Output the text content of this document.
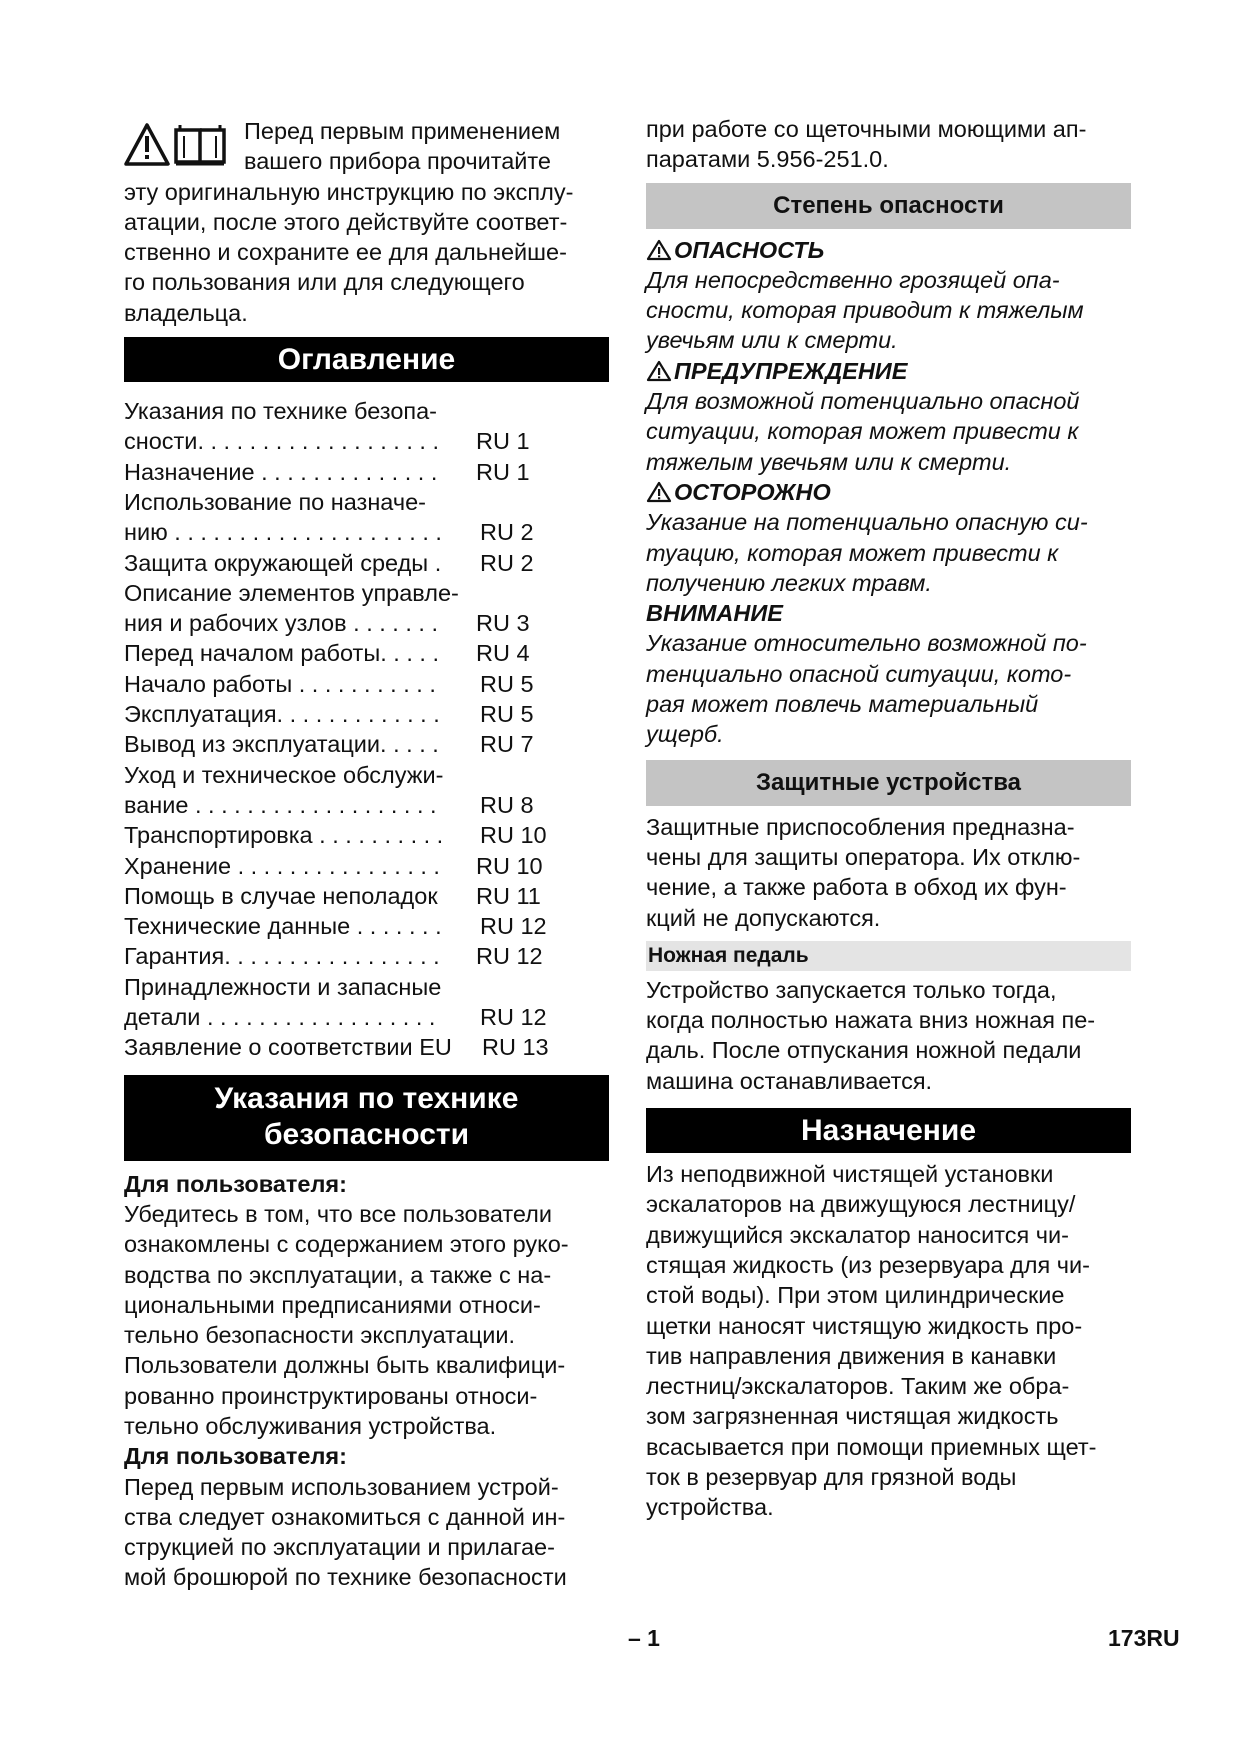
Перед первым применением
вашего прибора прочитайте
эту оригинальную инструкцию по эксплу-
атации, после этого действуйте соответ-
ственно и сохраните ее для дальнейше-
го пользования или для следующего
владельца.
Оглавление
Указания по технике безопа-
сности. . . . . . . . . . . . . . . . . . . RU 1
Назначение . . . . . . . . . . . . . . RU 1
Использование по назначе-
нию . . . . . . . . . . . . . . . . . . . . . RU 2
Защита окружающей среды . RU 2
Описание элементов управле-
ния и рабочих узлов . . . . . . . RU 3
Перед началом работы. . . . . RU 4
Начало работы . . . . . . . . . . . RU 5
Эксплуатация. . . . . . . . . . . . . RU 5
Вывод из эксплуатации. . . . . RU 7
Уход и техническое обслужи-
вание . . . . . . . . . . . . . . . . . . . RU 8
Транспортировка . . . . . . . . . . RU 10
Хранение . . . . . . . . . . . . . . . . RU 10
Помощь в случае неполадок RU 11
Технические данные . . . . . . . RU 12
Гарантия. . . . . . . . . . . . . . . . . RU 12
Принадлежности и запасные
детали . . . . . . . . . . . . . . . . . . RU 12
Заявление о соответствии EU RU 13
Указания по технике
безопасности
Для пользователя:
Убедитесь в том, что все пользователи
ознакомлены с содержанием этого руко-
водства по эксплуатации, а также с на-
циональными предписаниями относи-
тельно безопасности эксплуатации.
Пользователи должны быть квалифици-
рованно проинструктированы относи-
тельно обслуживания устройства.
Для пользователя:
Перед первым использованием устрой-
ства следует ознакомиться с данной ин-
струкцией по эксплуатации и прилагае-
мой брошюрой по технике безопасности
при работе со щеточными моющими ап-
паратами 5.956-251.0.
Степень опасности
ОПАСНОСТЬ
Для непосредственно грозящей опа-
сности, которая приводит к тяжелым
увечьям или к смерти.
ПРЕДУПРЕЖДЕНИЕ
Для возможной потенциально опасной
ситуации, которая может привести к
тяжелым увечьям или к смерти.
ОСТОРОЖНО
Указание на потенциально опасную си-
туацию, которая может привести к
получению легких травм.
ВНИМАНИЕ
Указание относительно возможной по-
тенциально опасной ситуации, кото-
рая может повлечь материальный
ущерб.
Защитные устройства
Защитные приспособления предназна-
чены для защиты оператора. Их отклю-
чение, а также работа в обход их фун-
кций не допускаются.
Ножная педаль
Устройство запускается только тогда,
когда полностью нажата вниз ножная пе-
даль. После отпускания ножной педали
машина останавливается.
Назначение
Из неподвижной чистящей установки
эскалаторов на движущуюся лестницу/
движущийся экскалатор наносится чи-
стящая жидкость (из резервуара для чи-
стой воды). При этом цилиндрические
щетки наносят чистящую жидкость про-
тив направления движения в канавки
лестниц/экскалаторов. Таким же обра-
зом загрязненная чистящая жидкость
всасывается при помощи приемных щет-
ток в резервуар для грязной воды
устройства.
– 1	173RU
